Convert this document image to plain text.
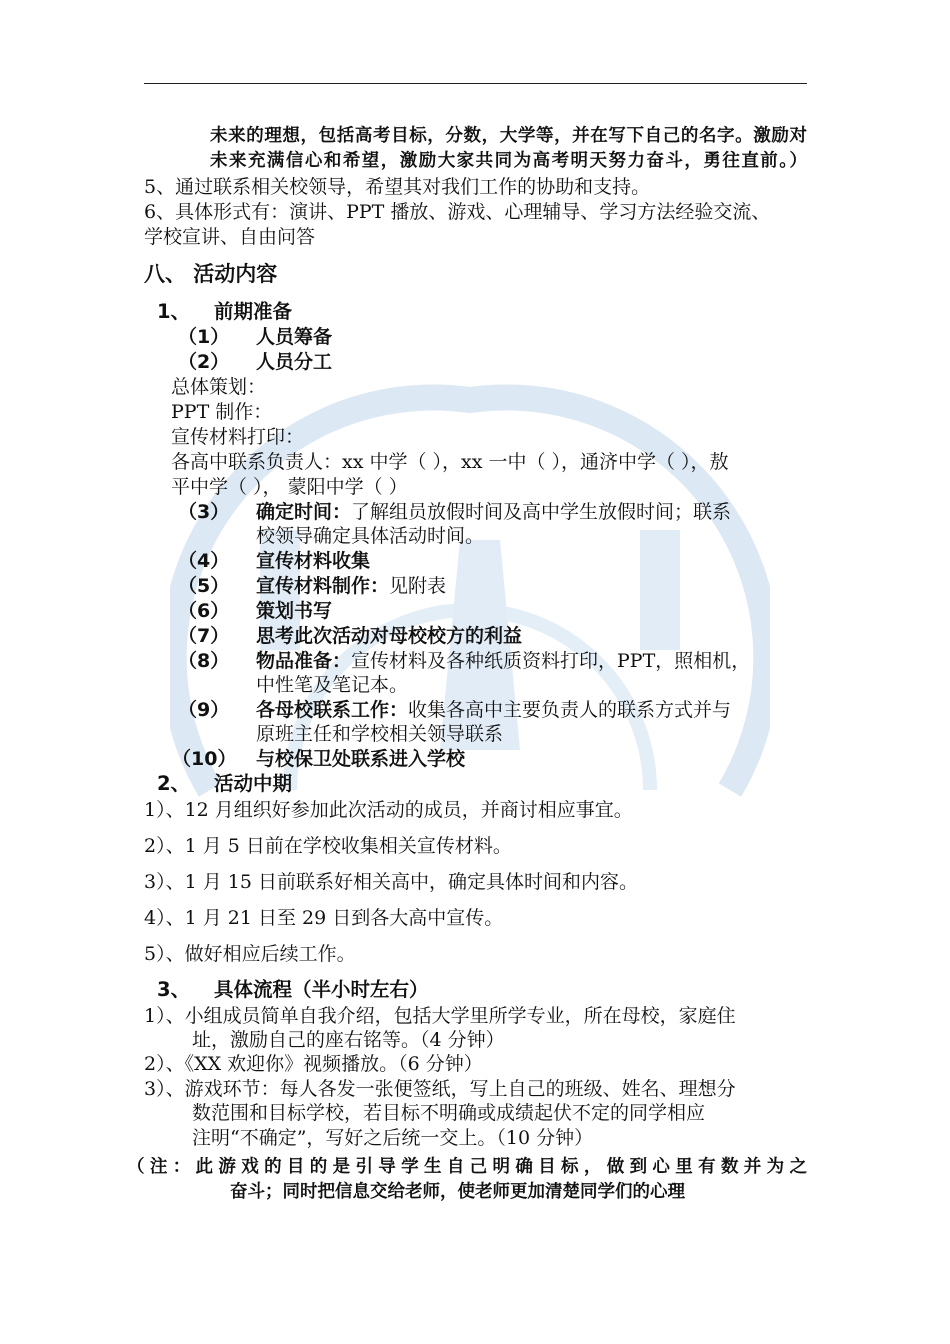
未来的理想，包括高考目标，分数，大学等，并在写下自己的名字。激励对
未来充满信心和希望，激励大家共同为高考明天努力奋斗，勇往直前。）
5、通过联系相关校领导，希望其对我们工作的协助和支持。
6、具体形式有：演讲、PPT 播放、游戏、心理辅导、学习方法经验交流、
学校宣讲、自由问答
八、 活动内容
1、 前期准备
（1） 人员筹备
（2） 人员分工
总体策划：
PPT 制作：
宣传材料打印：
各高中联系负责人：xx 中学（ ），xx 一中（ ），通济中学（ ），敖
平中学（ ）， 蒙阳中学（ ）
（3） 确定时间：了解组员放假时间及高中学生放假时间；联系
校领导确定具体活动时间。
（4） 宣传材料收集
（5） 宣传材料制作：见附表
（6） 策划书写
（7） 思考此次活动对母校校方的利益
（8） 物品准备：宣传材料及各种纸质资料打印，PPT，照相机，
中性笔及笔记本。
（9） 各母校联系工作：收集各高中主要负责人的联系方式并与
原班主任和学校相关领导联系
（10） 与校保卫处联系进入学校
2、 活动中期
1）、12 月组织好参加此次活动的成员，并商讨相应事宜。
2）、1 月 5 日前在学校收集相关宣传材料。
3）、1 月 15 日前联系好相关高中，确定具体时间和内容。
4）、1 月 21 日至 29 日到各大高中宣传。
5）、做好相应后续工作。
3、 具体流程（半小时左右）
1）、小组成员简单自我介绍，包括大学里所学专业，所在母校，家庭住
址，激励自己的座右铭等。（4 分钟）
2）、《XX 欢迎你》视频播放。（6 分钟）
3）、游戏环节：每人各发一张便签纸，写上自己的班级、姓名、理想分
数范围和目标学校，若目标不明确或成绩起伏不定的同学相应
注明“不确定”，写好之后统一交上。（10 分钟）
（注：此游戏的目的是引导学生自己明确目标，做到心里有数并为之
奋斗；同时把信息交给老师，使老师更加清楚同学们的心理
